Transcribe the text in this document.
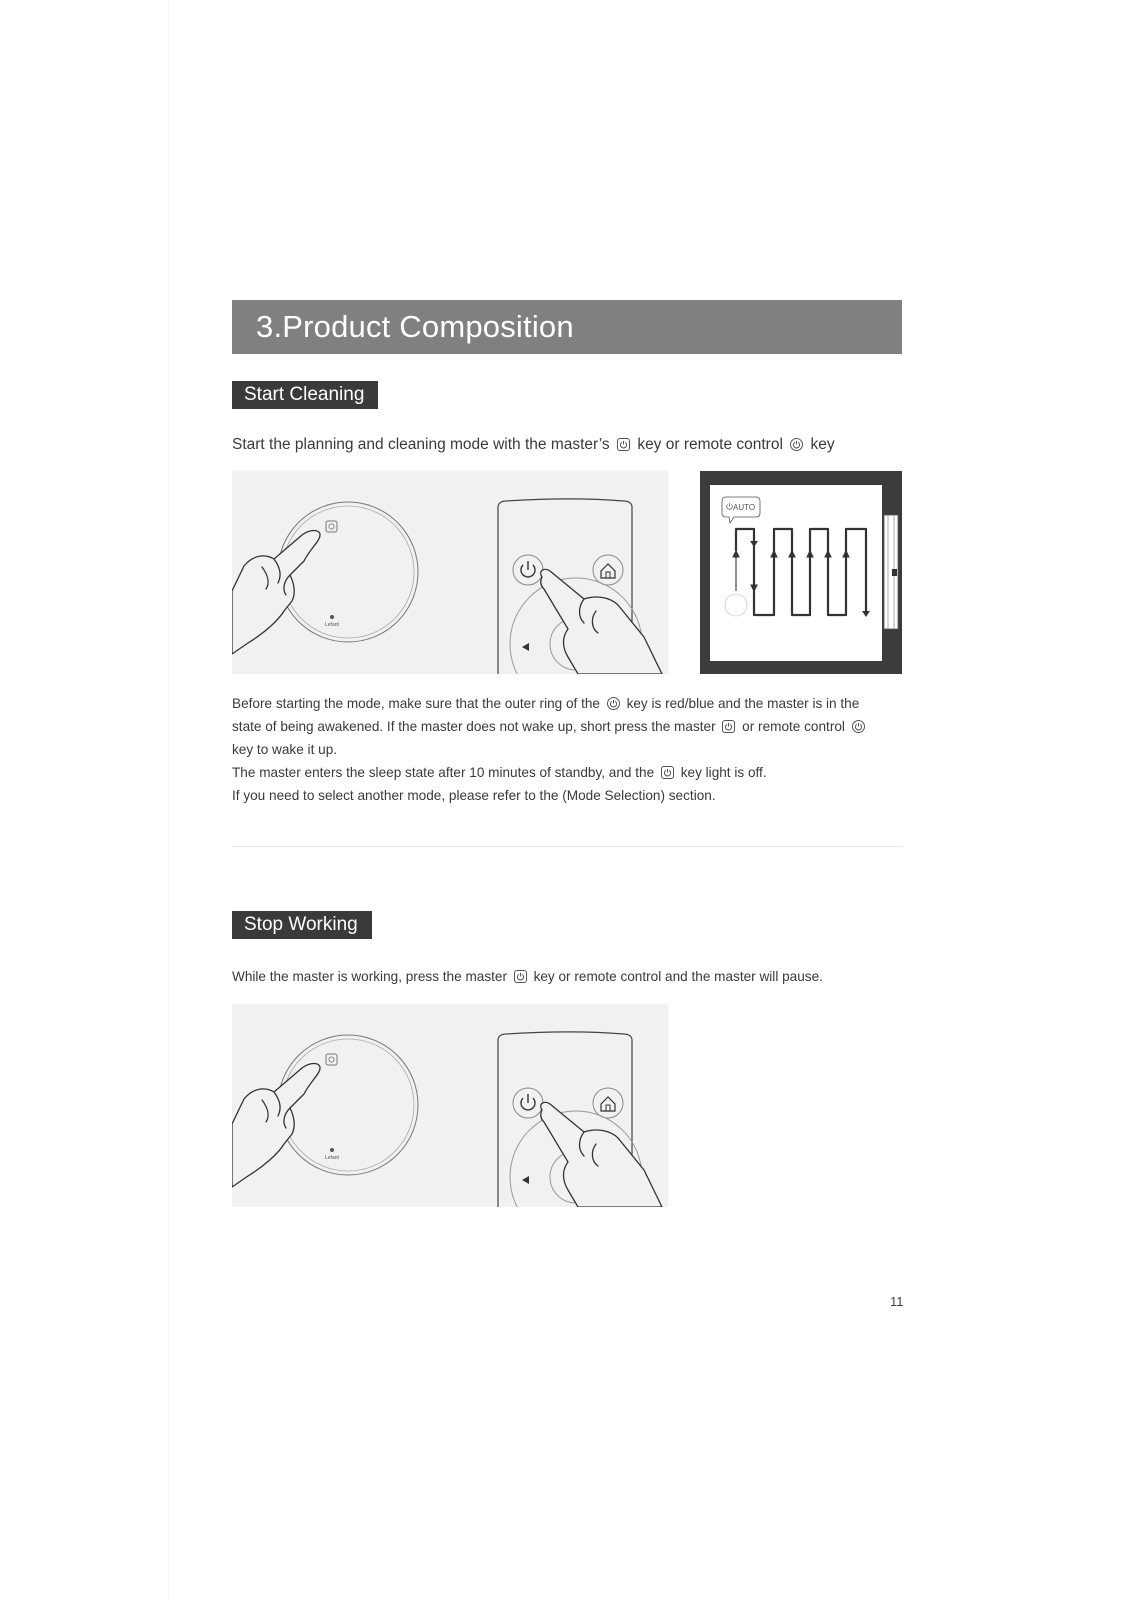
3.Product Composition
Start Cleaning
Start the planning and cleaning mode with the master’s key or remote control key
Lefant
AUTO
Before starting the mode, make sure that the outer ring of the key is red/blue and the master is in the
state of being awakened. If the master does not wake up, short press the master or remote control
key to wake it up.
The master enters the sleep state after 10 minutes of standby, and the key light is off.
If you need to select another mode, please refer to the (Mode Selection) section.
Stop Working
While the master is working, press the master key or remote control and the master will pause.
Lefant
11
